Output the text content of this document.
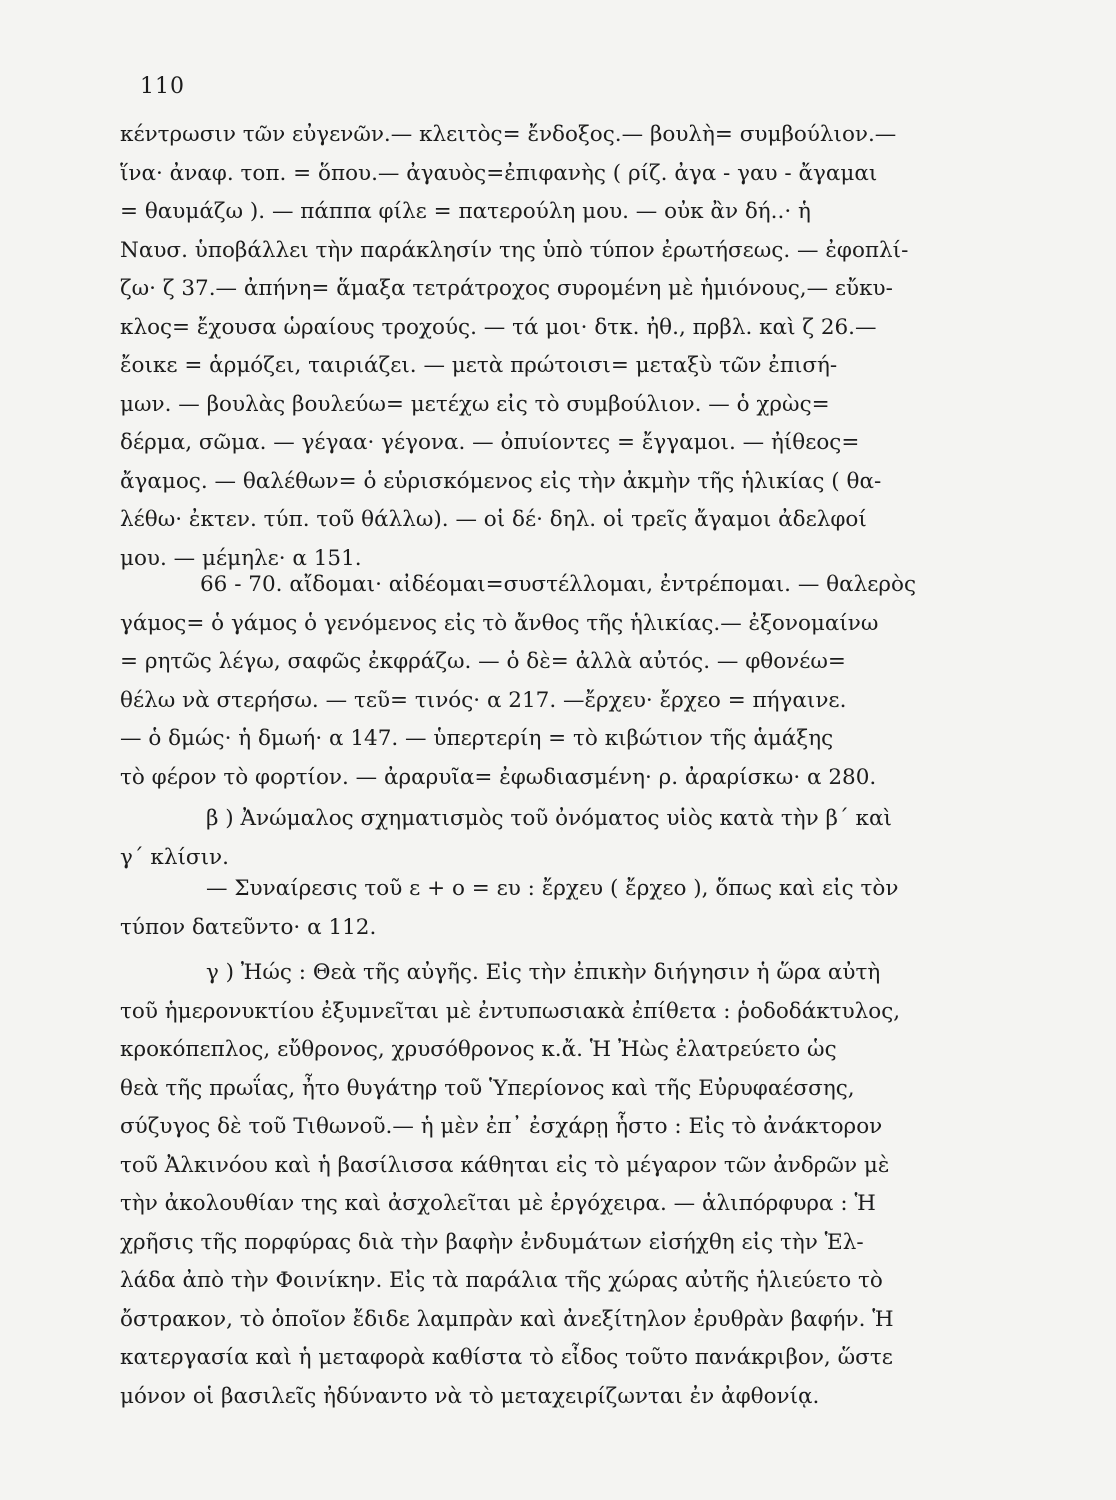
110
κέντρωσιν τῶν εὐγενῶν.— κλειτὸς= ἔνδοξος.— βουλὴ= συμβούλιον.—
ἵνα· ἀναφ. τοπ. = ὅπου.— ἀγαυὸς=ἐπιφανὴς ( ρίζ. ἀγα - γαυ - ἄγαμαι
= θαυμάζω ). — πάππα φίλε = πατερούλη μου. — οὐκ ἂν δή..· ἡ
Ναυσ. ὑποβάλλει τὴν παράκλησίν της ὑπὸ τύπον ἐρωτήσεως. — ἐφοπλί-
ζω· ζ 37.— ἀπήνη= ἅμαξα τετράτροχος συρομένη μὲ ἡμιόνους,— εὔκυ-
κλος= ἔχουσα ὡραίους τροχούς. — τά μοι· δτκ. ἠθ., πρβλ. καὶ ζ 26.—
ἔοικε = ἁρμόζει, ταιριάζει. — μετὰ πρώτοισι= μεταξὺ τῶν ἐπισή-
μων. — βουλὰς βουλεύω= μετέχω εἰς τὸ συμβούλιον. — ὁ χρὼς=
δέρμα, σῶμα. — γέγαα· γέγονα. — ὀπυίοντες = ἔγγαμοι. — ἠίθεος=
ἄγαμος. — θαλέθων= ὁ εὑρισκόμενος εἰς τὴν ἀκμὴν τῆς ἡλικίας ( θα-
λέθω· ἐκτεν. τύπ. τοῦ θάλλω). — οἱ δέ· δηλ. οἱ τρεῖς ἄγαμοι ἀδελφοί
μου. — μέμηλε· α 151.
66 - 70. αἴδομαι· αἰδέομαι=συστέλλομαι, ἐντρέπομαι. — θαλερὸς
γάμος= ὁ γάμος ὁ γενόμενος εἰς τὸ ἄνθος τῆς ἡλικίας.— ἐξονομαίνω
= ρητῶς λέγω, σαφῶς ἐκφράζω. — ὁ δὲ= ἀλλὰ αὐτός. — φθονέω=
θέλω νὰ στερήσω. — τεῦ= τινός· α 217. —ἔρχευ· ἔρχεο = πήγαινε.
— ὁ δμώς· ἡ δμωή· α 147. — ὑπερτερίη = τὸ κιβώτιον τῆς ἁμάξης
τὸ φέρον τὸ φορτίον. — ἀραρυῖα= ἐφωδιασμένη· ρ. ἀραρίσκω· α 280.
β ) Ἀνώμαλος σχηματισμὸς τοῦ ὀνόματος υἱὸς κατὰ τὴν β΄ καὶ
γ΄ κλίσιν.
— Συναίρεσις τοῦ ε + ο = ευ : ἔρχευ ( ἔρχεο ), ὅπως καὶ εἰς τὸν
τύπον δατεῦντο· α 112.
γ ) Ἠώς : Θεὰ τῆς αὐγῆς. Εἰς τὴν ἐπικὴν διήγησιν ἡ ὥρα αὐτὴ
τοῦ ἡμερονυκτίου ἐξυμνεῖται μὲ ἐντυπωσιακὰ ἐπίθετα : ῥοδοδάκτυλος,
κροκόπεπλος, εὔθρονος, χρυσόθρονος κ.ἄ. Ἡ Ἠὼς ἐλατρεύετο ὡς
θεὰ τῆς πρωΐας, ἦτο θυγάτηρ τοῦ Ὑπερίονος καὶ τῆς Εὐρυφαέσσης,
σύζυγος δὲ τοῦ Τιθωνοῦ.— ἡ μὲν ἐπ᾽ ἐσχάρῃ ἧστο : Εἰς τὸ ἀνάκτορον
τοῦ Ἀλκινόου καὶ ἡ βασίλισσα κάθηται εἰς τὸ μέγαρον τῶν ἀνδρῶν μὲ
τὴν ἀκολουθίαν της καὶ ἀσχολεῖται μὲ ἐργόχειρα. — ἁλιπόρφυρα : Ἡ
χρῆσις τῆς πορφύρας διὰ τὴν βαφὴν ἐνδυμάτων εἰσήχθη εἰς τὴν Ἑλ-
λάδα ἀπὸ τὴν Φοινίκην. Εἰς τὰ παράλια τῆς χώρας αὐτῆς ἡλιεύετο τὸ
ὄστρακον, τὸ ὁποῖον ἔδιδε λαμπρὰν καὶ ἀνεξίτηλον ἐρυθρὰν βαφήν. Ἡ
κατεργασία καὶ ἡ μεταφορὰ καθίστα τὸ εἶδος τοῦτο πανάκριβον, ὥστε
μόνον οἱ βασιλεῖς ἠδύναντο νὰ τὸ μεταχειρίζωνται ἐν ἀφθονίᾳ.
